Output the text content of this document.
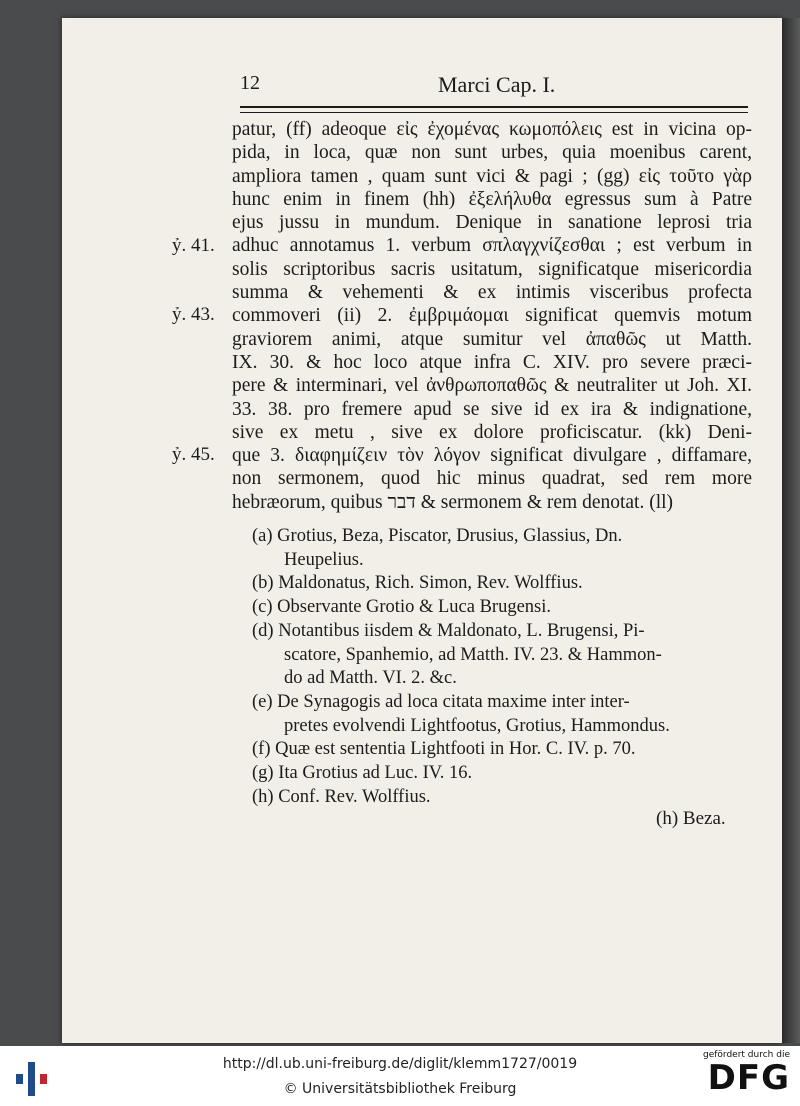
12	Marci Cap. I.
patur, (ff) adeoque εἰς ἐχομένας κωμοπόλεις est in vicina op-
pida, in loca, quæ non sunt urbes, quia moenibus carent,
ampliora tamen , quam sunt vici & pagi ; (gg) εἰς τοῦτο γὰρ
hunc enim in finem (hh) ἐξελήλυθα egressus sum à Patre
ejus jussu in mundum. Denique in sanatione leprosi tria
adhuc annotamus 1. verbum σπλαγχνίζεσθαι ; est verbum in
solis scriptoribus sacris usitatum, significatque misericordia
summa & vehementi & ex intimis visceribus profecta
commoveri (ii) 2. ἐμβριμάομαι significat quemvis motum
graviorem animi, atque sumitur vel ἀπαθῶς ut Matth.
IX. 30. & hoc loco atque infra C. XIV. pro severe præci-
pere & interminari, vel ἀνθρωποπαθῶς & neutraliter ut Joh. XI.
33. 38. pro fremere apud se sive id ex ira & indignatione,
sive ex metu , sive ex dolore proficiscatur. (kk) Deni-
que 3. διαφημίζειν τὸν λόγον significat divulgare , diffamare,
non sermonem, quod hic minus quadrat, sed rem more
hebræorum, quibus דבר & sermonem & rem denotat. (ll)
ỷ. 41.
ỷ. 43.
ỷ. 45.
(a) Grotius, Beza, Piscator, Drusius, Glassius, Dn.
Heupelius.
(b) Maldonatus, Rich. Simon, Rev. Wolffius.
(c) Observante Grotio & Luca Brugensi.
(d) Notantibus iisdem & Maldonato, L. Brugensi, Pi-
scatore, Spanhemio, ad Matth. IV. 23. & Hammon-
do ad Matth. VI. 2. &c.
(e) De Synagogis ad loca citata maxime inter inter-
pretes evolvendi Lightfootus, Grotius, Hammondus.
(f) Quæ est sententia Lightfooti in Hor. C. IV. p. 70.
(g) Ita Grotius ad Luc. IV. 16.
(h) Conf. Rev. Wolffius.
(h) Beza.
http://dl.ub.uni-freiburg.de/diglit/klemm1727/0019
© Universitätsbibliothek Freiburg
gefördert durch die
DFG
